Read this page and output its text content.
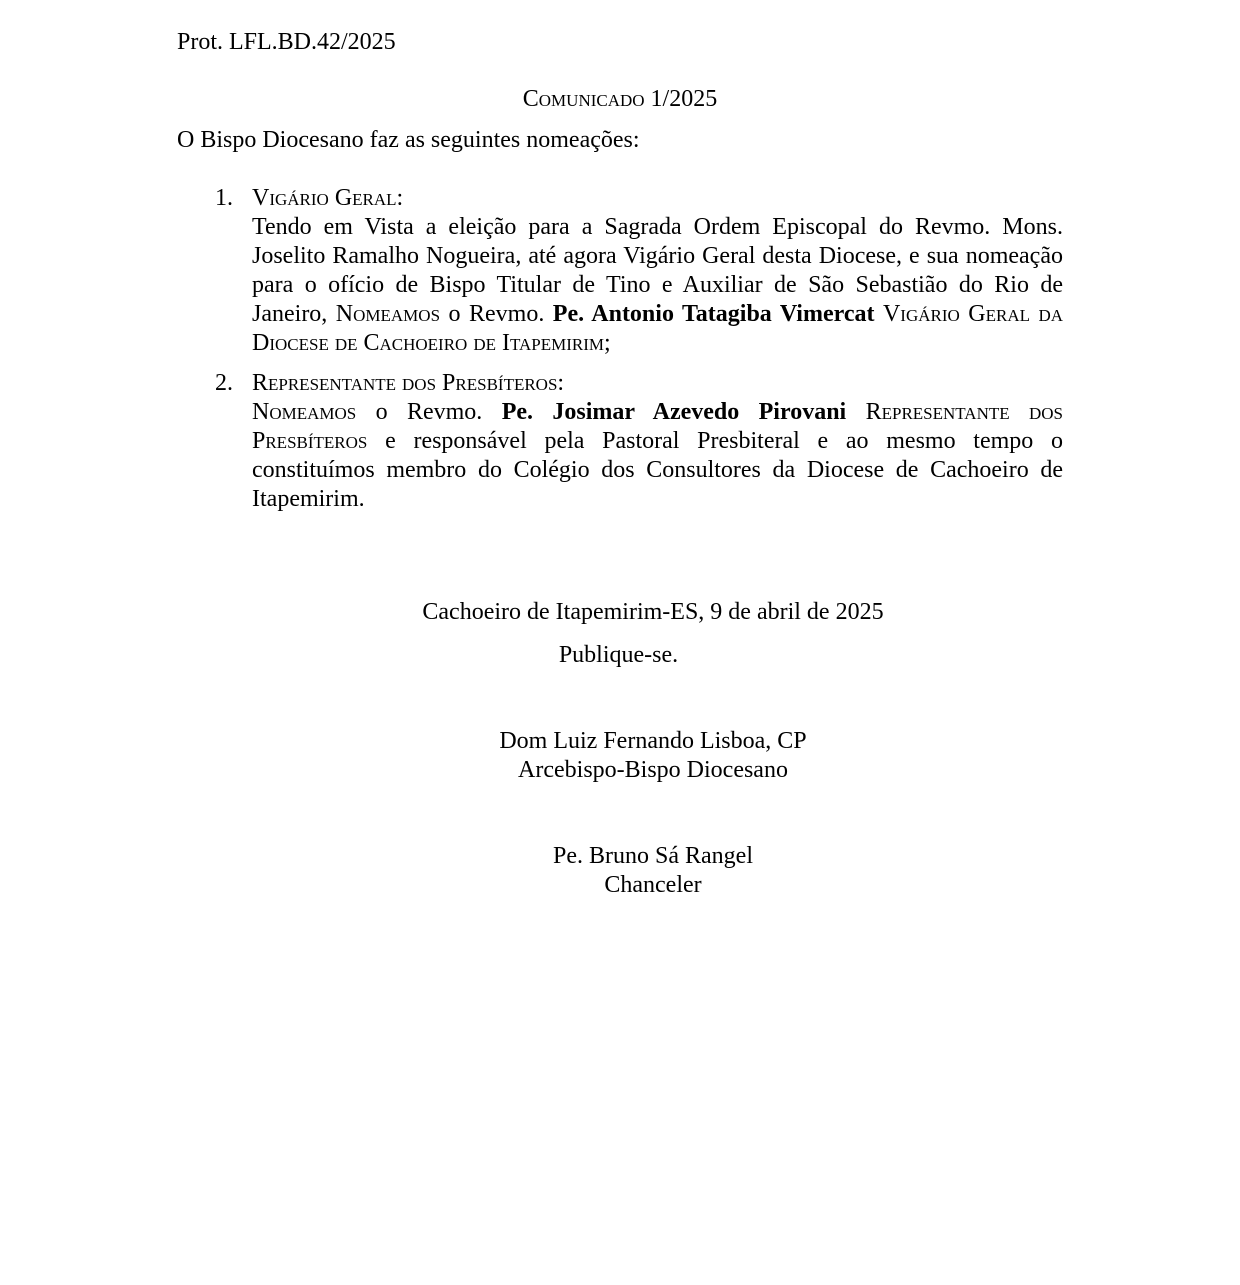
Prot. LFL.BD.42/2025
Comunicado 1/2025
O Bispo Diocesano faz as seguintes nomeações:
1. Vigário Geral:
Tendo em Vista a eleição para a Sagrada Ordem Episcopal do Revmo. Mons. Joselito Ramalho Nogueira, até agora Vigário Geral desta Diocese, e sua nomeação para o ofício de Bispo Titular de Tino e Auxiliar de São Sebastião do Rio de Janeiro, Nomeamos o Revmo. Pe. Antonio Tatagiba Vimercat Vigário Geral da Diocese de Cachoeiro de Itapemirim;
2. Representante dos Presbíteros:
Nomeamos o Revmo. Pe. Josimar Azevedo Pirovani Representante dos Presbíteros e responsável pela Pastoral Presbiteral e ao mesmo tempo o constituímos membro do Colégio dos Consultores da Diocese de Cachoeiro de Itapemirim.
Cachoeiro de Itapemirim-ES, 9 de abril de 2025
Publique-se.
Dom Luiz Fernando Lisboa, CP
Arcebispo-Bispo Diocesano
Pe. Bruno Sá Rangel
Chanceler
